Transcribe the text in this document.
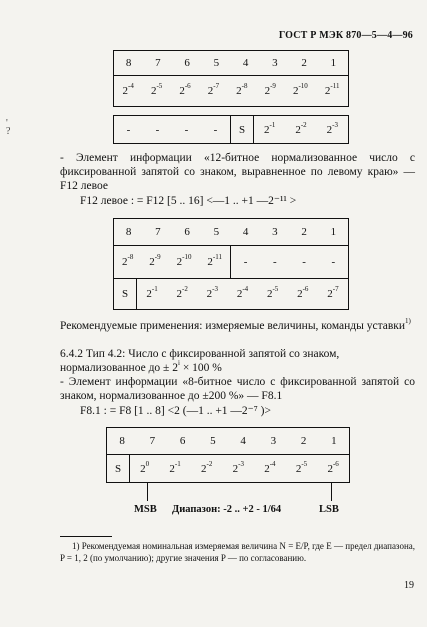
ГОСТ Р МЭК 870—5—4—96
'
?
8 7 6 5 4 3 2 1

$2^{-4}$ $2^{-5}$ $2^{-6}$ $2^{-7}$ $2^{-8}$ $2^{-9}$ $2^{-10}$ $2^{-11}$
- - - -	S	$2^{-1}$ $2^{-2}$ $2^{-3}$
- Элемент информации «12-битное нормализованное число с фиксированной запятой со знаком, выравненное по левому краю» — F12 левое
F12 левое : = F12 [5 .. 16] <—1 .. +1 —2⁻¹¹ >
8 7 6 5 4 3 2 1
$2^{-8}$ $2^{-9}$ $2^{-10}$ $2^{-11}$ - - - -
S	$2^{-1}$ $2^{-2}$ $2^{-3}$ $2^{-4}$ $2^{-5}$ $2^{-6}$ $2^{-7}$
Рекомендуемые применения: измеряемые величины, команды уставки$^{1)}$
6.4.2 Тип 4.2: Число с фиксированной запятой со знаком, нормализованное до ± $2^i \times 100$ %
- Элемент информации «8-битное число с фиксированной запятой со знаком, нормализованное до ±200 %» — F8.1
F8.1 : = F8 [1 .. 8] <2 (—1 .. +1 —2⁻⁷ )>
8 7 6 5 4 3 2 1
S	$2^0$ $2^{-1}$ $2^{-2}$ $2^{-3}$ $2^{-4}$ $2^{-5}$ $2^{-6}$
MSB Диапазон: -2 .. +2 - 1/64	LSB
1) Рекомендуемая номинальная измеряемая величина N = E/P, где E — предел диапазона, P = 1, 2 (по умолчанию); другие значения P — по согласованию.
19
